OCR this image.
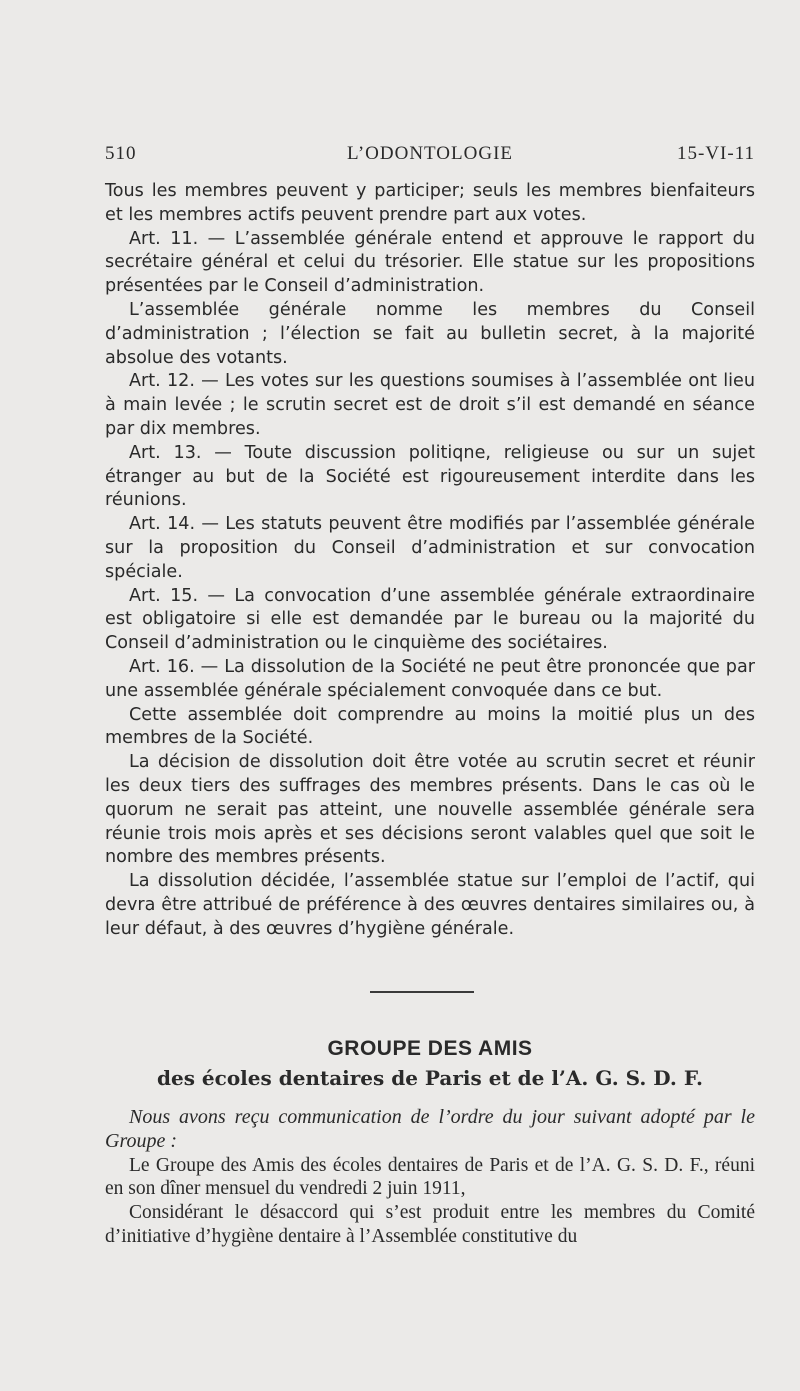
510	L’ODONTOLOGIE	15-VI-11

Tous les membres peuvent y participer; seuls les membres bienfaiteurs et les membres actifs peuvent prendre part aux votes.

Art. 11. — L’assemblée générale entend et approuve le rapport du secrétaire général et celui du trésorier. Elle statue sur les propositions présentées par le Conseil d’administration.

L’assemblée générale nomme les membres du Conseil d’administration ; l’élection se fait au bulletin secret, à la majorité absolue des votants.

Art. 12. — Les votes sur les questions soumises à l’assemblée ont lieu à main levée ; le scrutin secret est de droit s’il est demandé en séance par dix membres.

Art. 13. — Toute discussion politiqne, religieuse ou sur un sujet étranger au but de la Société est rigoureusement interdite dans les réunions.

Art. 14. — Les statuts peuvent être modifiés par l’assemblée générale sur la proposition du Conseil d’administration et sur convocation spéciale.

Art. 15. — La convocation d’une assemblée générale extraordinaire est obligatoire si elle est demandée par le bureau ou la majorité du Conseil d’administration ou le cinquième des sociétaires.

Art. 16. — La dissolution de la Société ne peut être prononcée que par une assemblée générale spécialement convoquée dans ce but.

Cette assemblée doit comprendre au moins la moitié plus un des membres de la Société.

La décision de dissolution doit être votée au scrutin secret et réunir les deux tiers des suffrages des membres présents. Dans le cas où le quorum ne serait pas atteint, une nouvelle assemblée générale sera réunie trois mois après et ses décisions seront valables quel que soit le nombre des membres présents.

La dissolution décidée, l’assemblée statue sur l’emploi de l’actif, qui devra être attribué de préférence à des œuvres dentaires similaires ou, à leur défaut, à des œuvres d’hygiène générale.

GROUPE DES AMIS
des écoles dentaires de Paris et de l’A. G. S. D. F.

Nous avons reçu communication de l’ordre du jour suivant adopté par le Groupe :

Le Groupe des Amis des écoles dentaires de Paris et de l’A. G. S. D. F., réuni en son dîner mensuel du vendredi 2 juin 1911,

Considérant le désaccord qui s’est produit entre les membres du Comité d’initiative d’hygiène dentaire à l’Assemblée constitutive du
